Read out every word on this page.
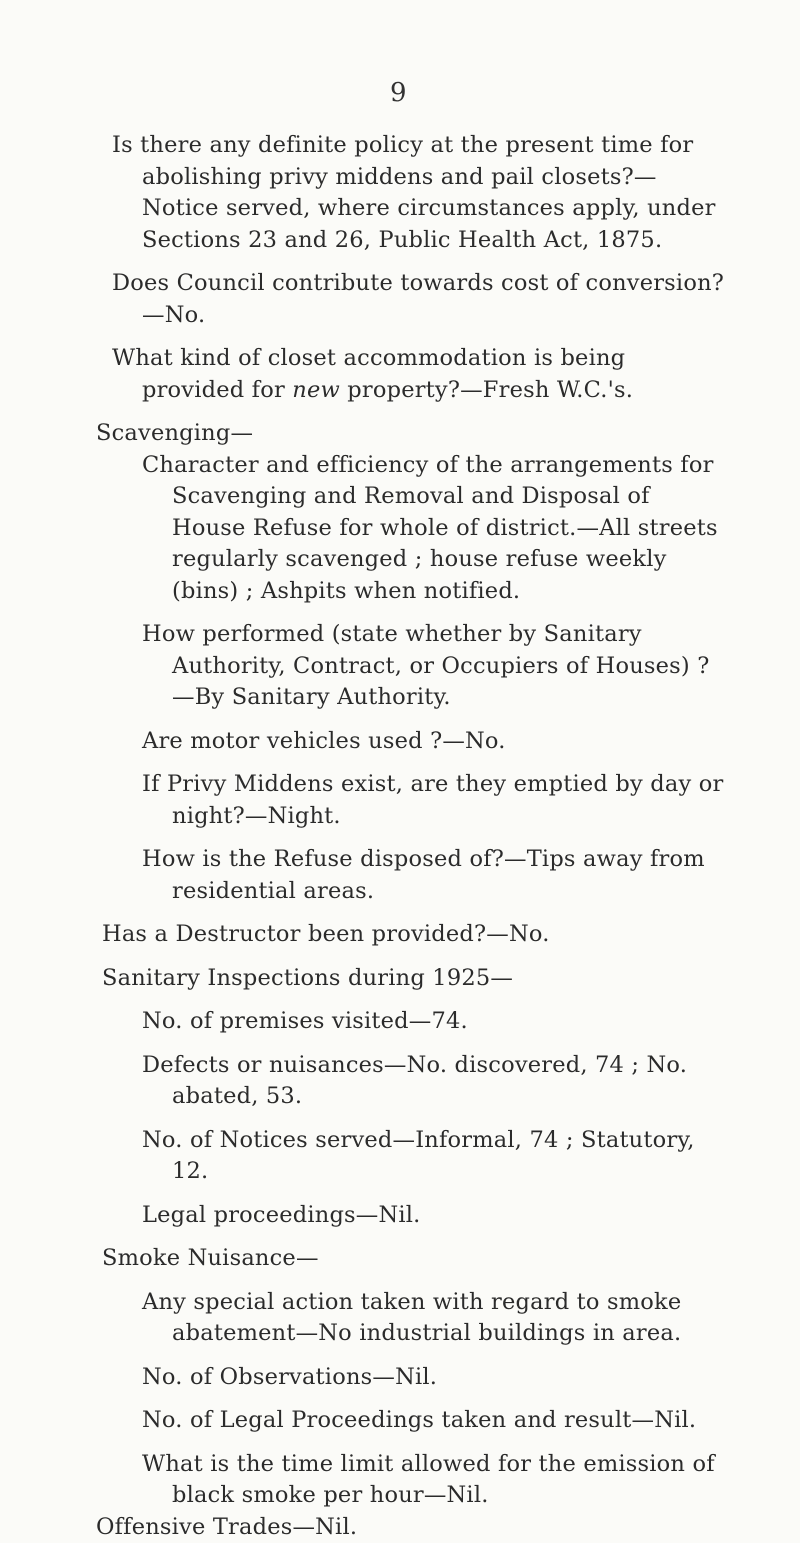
9

Is there any definite policy at the present time for abolishing privy middens and pail closets?—Notice served, where circumstances apply, under Sections 23 and 26, Public Health Act, 1875.

Does Council contribute towards cost of conversion?—No.

What kind of closet accommodation is being provided for new property?—Fresh W.C.'s.

Scavenging—

Character and efficiency of the arrangements for Scavenging and Removal and Disposal of House Refuse for whole of district.—All streets regularly scavenged ; house refuse weekly (bins) ; Ashpits when notified.

How performed (state whether by Sanitary Authority, Contract, or Occupiers of Houses) ?—By Sanitary Authority.

Are motor vehicles used ?—No.

If Privy Middens exist, are they emptied by day or night?—Night.

How is the Refuse disposed of?—Tips away from residential areas.

Has a Destructor been provided?—No.

Sanitary Inspections during 1925—

No. of premises visited—74.

Defects or nuisances—No. discovered, 74 ; No. abated, 53.

No. of Notices served—Informal, 74 ; Statutory, 12.

Legal proceedings—Nil.

Smoke Nuisance—

Any special action taken with regard to smoke abatement—No industrial buildings in area.

No. of Observations—Nil.

No. of Legal Proceedings taken and result—Nil.

What is the time limit allowed for the emission of black smoke per hour—Nil.

Offensive Trades—Nil.
